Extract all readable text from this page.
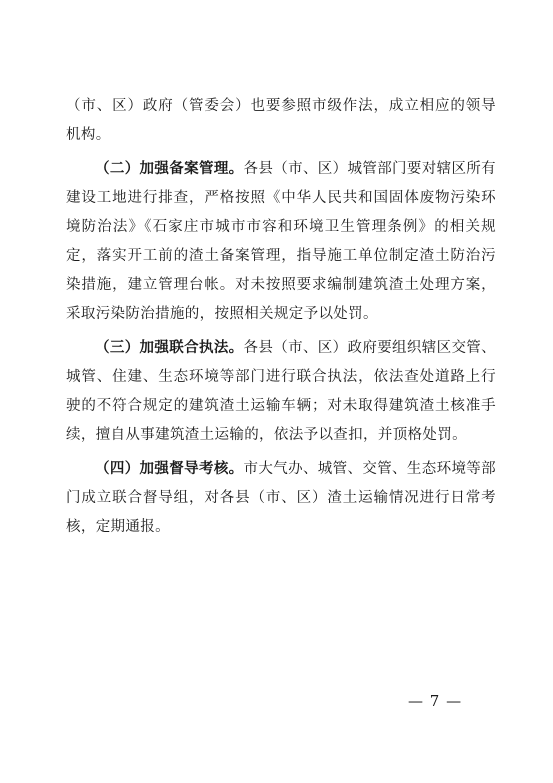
（市、区）政府（管委会）也要参照市级作法，成立相应的领导机构。

（二）加强备案管理。各县（市、区）城管部门要对辖区所有建设工地进行排查，严格按照《中华人民共和国固体废物污染环境防治法》《石家庄市城市市容和环境卫生管理条例》的相关规定，落实开工前的渣土备案管理，指导施工单位制定渣土防治污染措施，建立管理台帐。对未按照要求编制建筑渣土处理方案，采取污染防治措施的，按照相关规定予以处罚。

（三）加强联合执法。各县（市、区）政府要组织辖区交管、城管、住建、生态环境等部门进行联合执法，依法查处道路上行驶的不符合规定的建筑渣土运输车辆；对未取得建筑渣土核准手续，擅自从事建筑渣土运输的，依法予以查扣，并顶格处罚。

（四）加强督导考核。市大气办、城管、交管、生态环境等部门成立联合督导组，对各县（市、区）渣土运输情况进行日常考核，定期通报。

— 7 —
